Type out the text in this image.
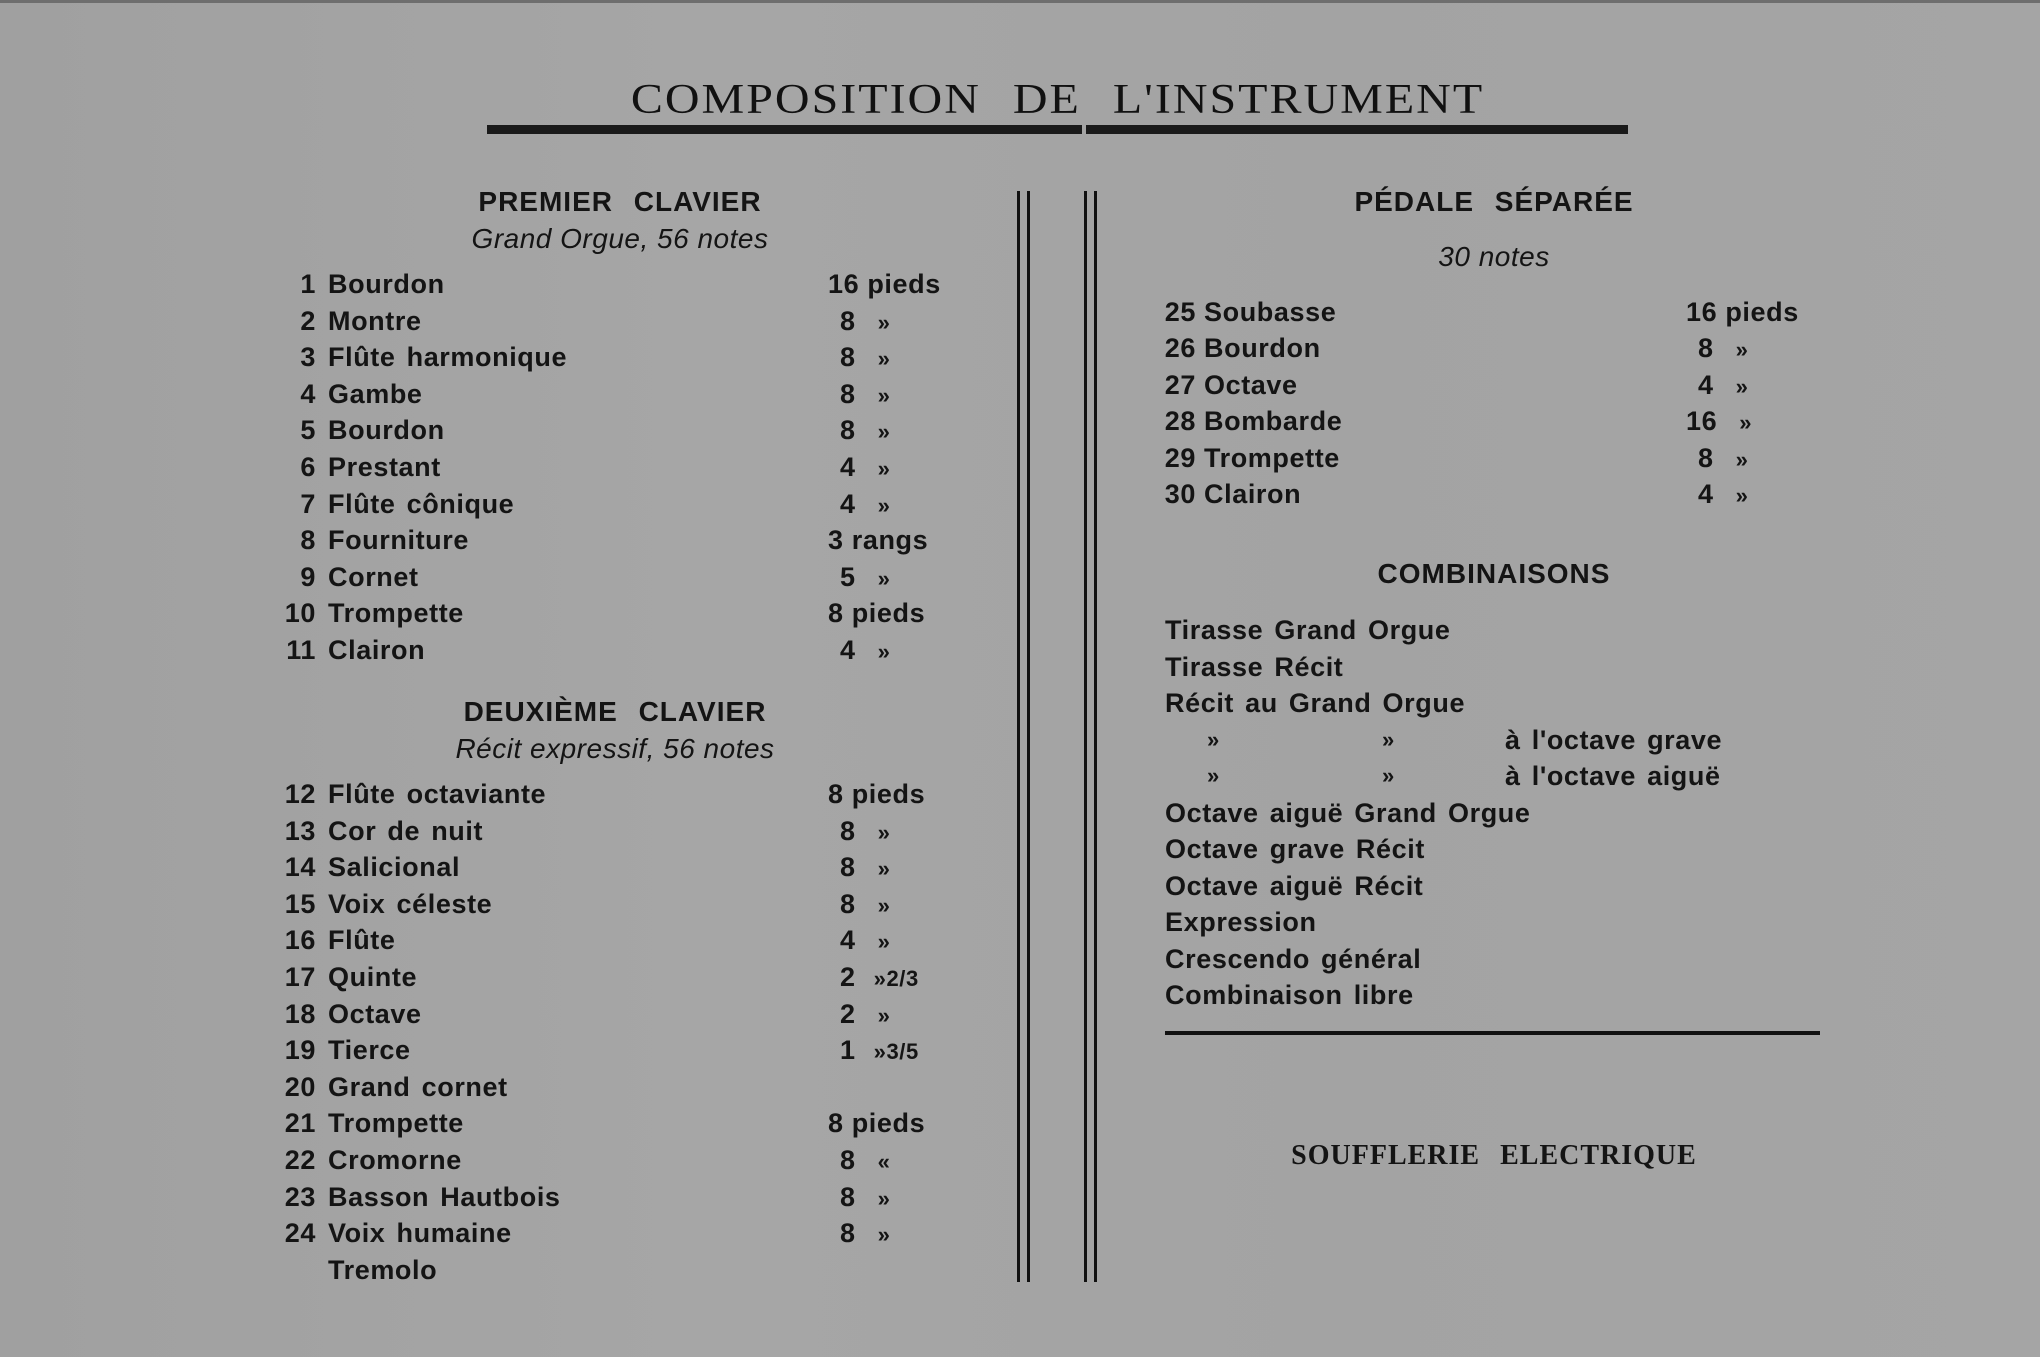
COMPOSITION DE L'INSTRUMENT
PREMIER CLAVIER
Grand Orgue, 56 notes
1 Bourdon	16 pieds
2 Montre	8 »
3 Flûte harmonique	8 »
4 Gambe	8 »
5 Bourdon	8 »
6 Prestant	4 »
7 Flûte cônique	4 »
8 Fourniture	3 rangs
9 Cornet	5 »
10 Trompette	8 pieds
11 Clairon	4 »
DEUXIÈME CLAVIER
Récit expressif, 56 notes
12 Flûte octaviante	8 pieds
13 Cor de nuit	8 »
14 Salicional	8 »
15 Voix céleste	8 »
16 Flûte	4 »
17 Quinte	2 »2/3
18 Octave	2 »
19 Tierce	1 »3/5
20 Grand cornet
21 Trompette	8 pieds
22 Cromorne	8 «
23 Basson Hautbois	8 »
24 Voix humaine	8 »
Tremolo
PÉDALE SÉPARÉE
30 notes
25 Soubasse	16 pieds
26 Bourdon	8 »
27 Octave	4 »
28 Bombarde	16 »
29 Trompette	8 »
30 Clairon	4 »
COMBINAISONS
Tirasse Grand Orgue
Tirasse Récit
Récit au Grand Orgue
»	»	à l'octave grave
»	»	à l'octave aiguë
Octave aiguë Grand Orgue
Octave grave Récit
Octave aiguë Récit
Expression
Crescendo général
Combinaison libre
SOUFFLERIE ELECTRIQUE
